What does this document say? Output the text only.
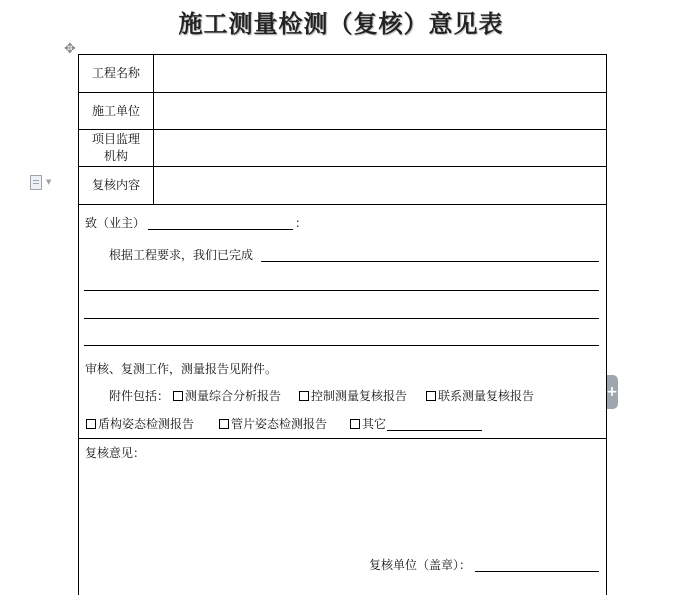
施工测量检测（复核）意见表
✥
▼
+
工程名称
施工单位
项目监理
机构
复核内容
致（业主）	：
根据工程要求，我们已完成
审核、复测工作，测量报告见附件。
附件包括：	测量综合分析报告	控制测量复核报告	联系测量复核报告
盾构姿态检测报告	管片姿态检测报告	其它
复核意见：
复核单位（盖章）：
